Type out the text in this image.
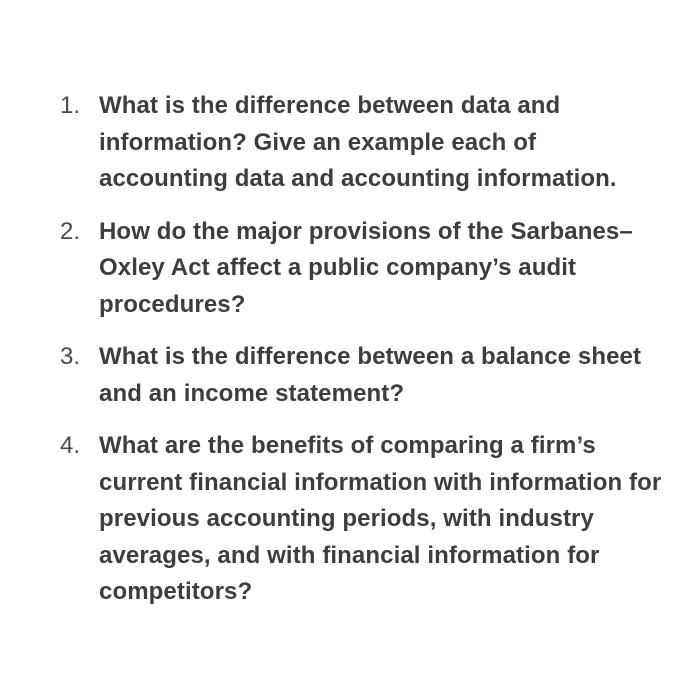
1. What is the difference between data and information? Give an example each of accounting data and accounting information.
2. How do the major provisions of the Sarbanes–Oxley Act affect a public company’s audit procedures?
3. What is the difference between a balance sheet and an income statement?
4. What are the benefits of comparing a firm’s current financial information with information for previous accounting periods, with industry averages, and with financial information for competitors?
